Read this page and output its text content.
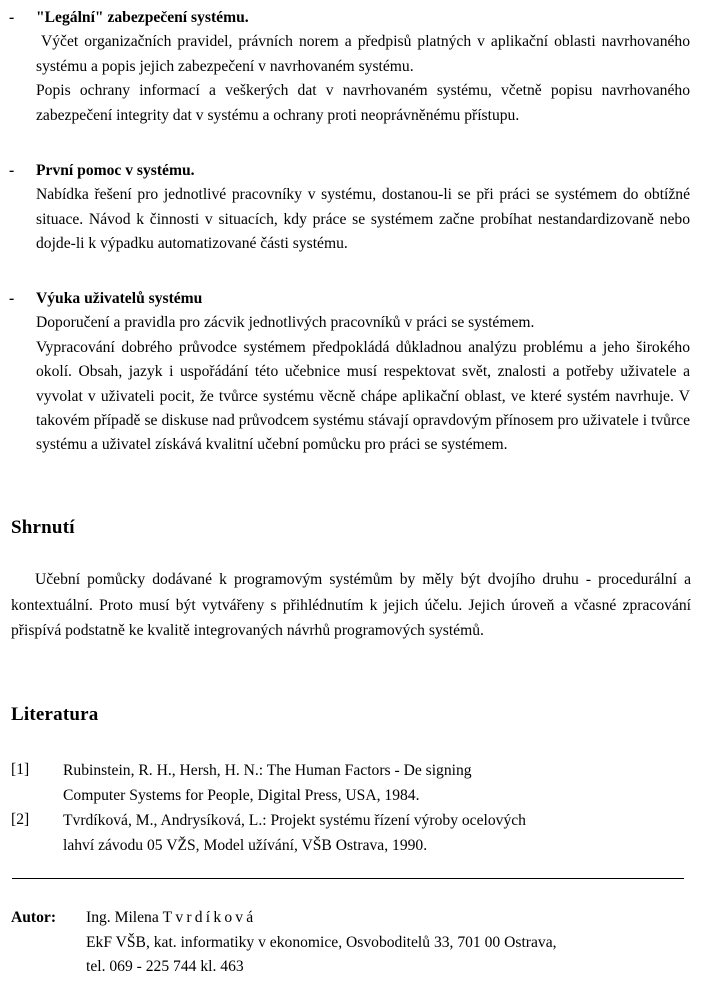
- "Legální" zabezpečení systému.

Výčet organizačních pravidel, právních norem a předpisů platných v aplikační oblasti navrhovaného systému a popis jejich zabezpečení v navrhovaném systému.

Popis ochrany informací a veškerých dat v navrhovaném systému, včetně popisu navrhovaného zabezpečení integrity dat v systému a ochrany proti neoprávněnému přístupu.

- První pomoc v systému.

Nabídka řešení pro jednotlivé pracovníky v systému, dostanou-li se při práci se systémem do obtížné situace. Návod k činnosti v situacích, kdy práce se systémem začne probíhat nestandardizovaně nebo dojde-li k výpadku automatizované části systému.

- Výuka uživatelů systému

Doporučení a pravidla pro zácvik jednotlivých pracovníků v práci se systémem.

Vypracování dobrého průvodce systémem předpokládá důkladnou analýzu problému a jeho širokého okolí. Obsah, jazyk i uspořádání této učebnice musí respektovat svět, znalosti a potřeby uživatele a vyvolat v uživateli pocit, že tvůrce systému věcně chápe aplikační oblast, ve které systém navrhuje. V takovém případě se diskuse nad průvodcem systému stávají opravdovým přínosem pro uživatele i tvůrce systému a uživatel získává kvalitní učební pomůcku pro práci se systémem.

Shrnutí

Učební pomůcky dodávané k programovým systémům by měly být dvojího druhu - procedurální a kontextuální. Proto musí být vytvářeny s přihlédnutím k jejich účelu. Jejich úroveň a včasné zpracování přispívá podstatně ke kvalitě integrovaných návrhů programových systémů.

Literatura
[1] Rubinstein, R. H., Hersh, H. N.: The Human Factors - De signing
Computer Systems for People, Digital Press, USA, 1984.
[2] Tvrdíková, M., Andrysíková, L.: Projekt systému řízení výroby ocelových
lahví závodu 05 VŽS, Model užívání, VŠB Ostrava, 1990.
Autor: Ing. Milena Tvrdíková
EkF VŠB, kat. informatiky v ekonomice, Osvoboditelů 33, 701 00 Ostrava,
tel. 069 - 225 744 kl. 463
